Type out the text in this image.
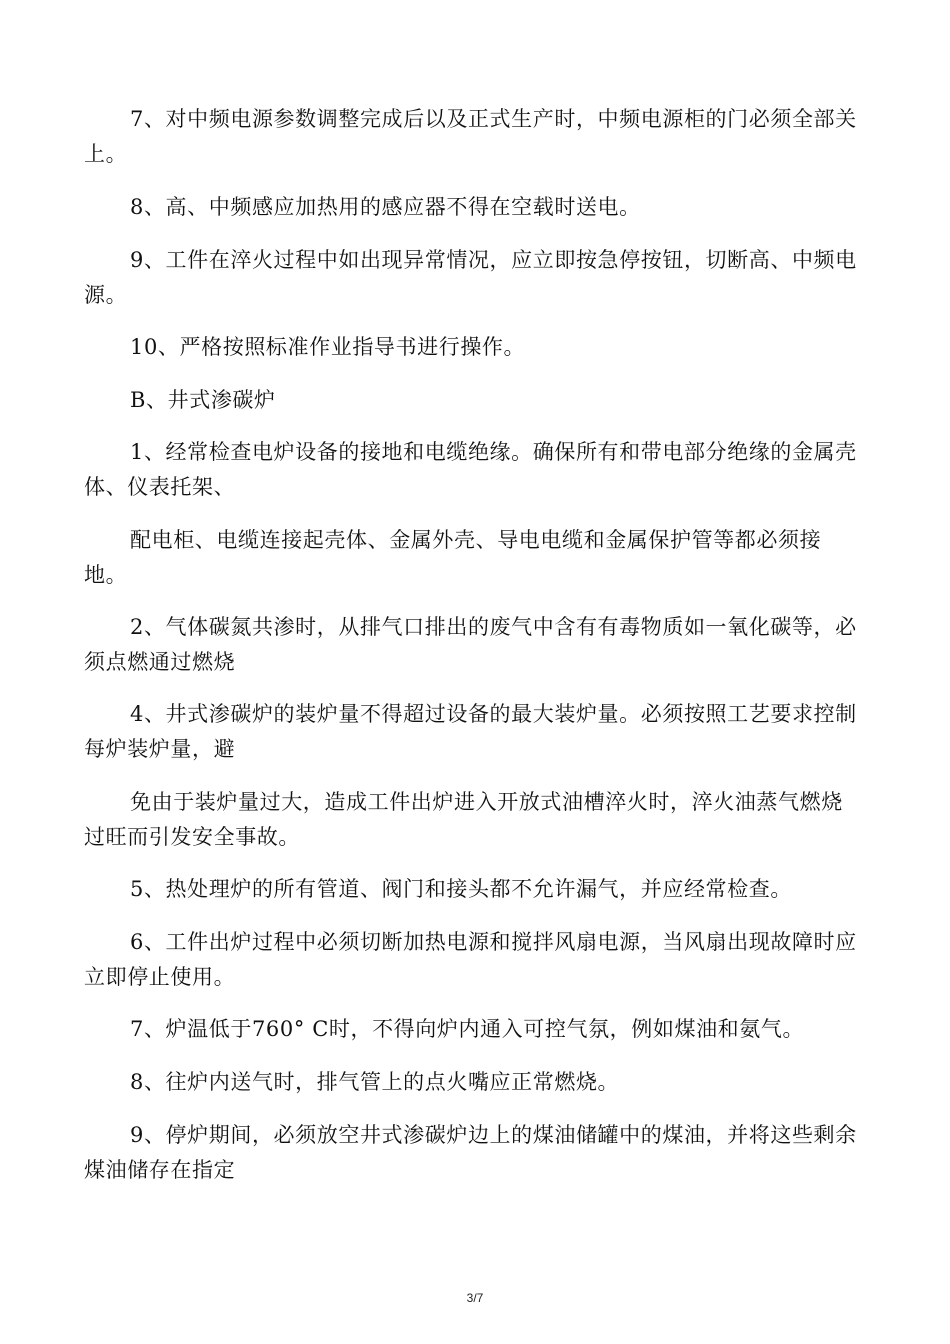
7、对中频电源参数调整完成后以及正式生产时，中频电源柜的门必须全部关上。

8、高、中频感应加热用的感应器不得在空载时送电。

9、工件在淬火过程中如出现异常情况，应立即按急停按钮，切断高、中频电源。

10、严格按照标准作业指导书进行操作。

B、井式渗碳炉

1、经常检查电炉设备的接地和电缆绝缘。确保所有和带电部分绝缘的金属壳体、仪表托架、

配电柜、电缆连接起壳体、金属外壳、导电电缆和金属保护管等都必须接地。

2、气体碳氮共渗时，从排气口排出的废气中含有有毒物质如一氧化碳等，必须点燃通过燃烧

4、井式渗碳炉的装炉量不得超过设备的最大装炉量。必须按照工艺要求控制每炉装炉量，避

免由于装炉量过大，造成工件出炉进入开放式油槽淬火时，淬火油蒸气燃烧过旺而引发安全事故。

5、热处理炉的所有管道、阀门和接头都不允许漏气，并应经常检查。

6、工件出炉过程中必须切断加热电源和搅拌风扇电源，当风扇出现故障时应立即停止使用。

7、炉温低于760° C时，不得向炉内通入可控气氛，例如煤油和氨气。

8、往炉内送气时，排气管上的点火嘴应正常燃烧。

9、停炉期间，必须放空井式渗碳炉边上的煤油储罐中的煤油，并将这些剩余煤油储存在指定

3/7
